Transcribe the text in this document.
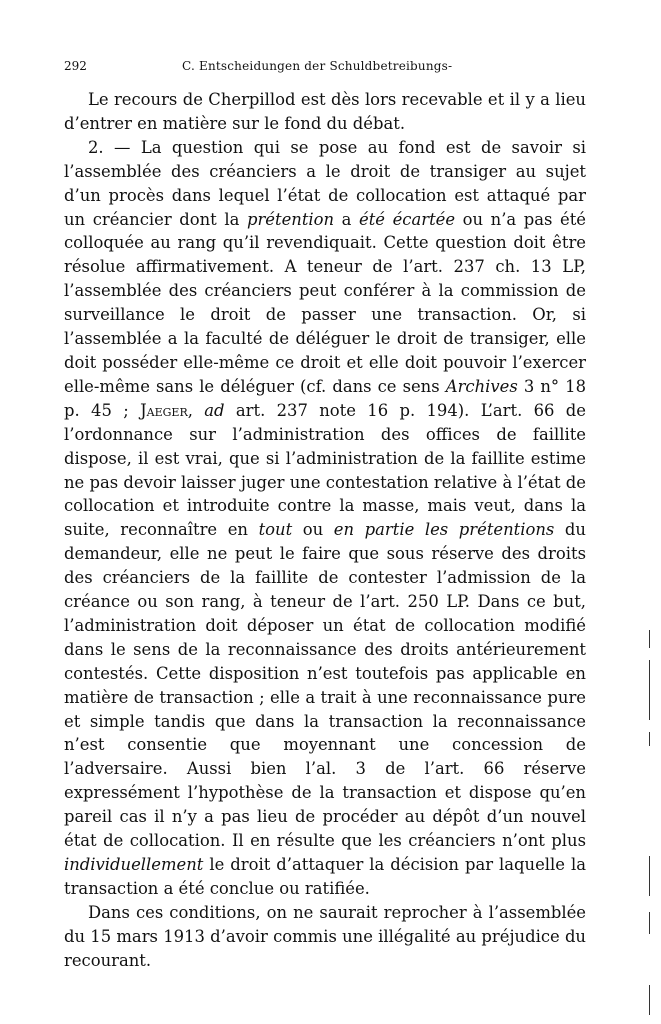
292	C. Entscheidungen der Schuldbetreibungs-

Le recours de Cherpillod est dès lors recevable et il y a lieu d’entrer en matière sur le fond du débat.

2. — La question qui se pose au fond est de savoir si l’assemblée des créanciers a le droit de transiger au sujet d’un procès dans lequel l’état de collocation est attaqué par un créancier dont la prétention a été écartée ou n’a pas été colloquée au rang qu’il revendiquait. Cette question doit être résolue affirmativement. A teneur de l’art. 237 ch. 13 LP, l’assemblée des créanciers peut conférer à la commission de surveillance le droit de passer une transaction. Or, si l’assemblée a la faculté de déléguer le droit de transiger, elle doit posséder elle-même ce droit et elle doit pouvoir l’exercer elle-même sans le déléguer (cf. dans ce sens Archives 3 n° 18 p. 45 ; Jaeger, ad art. 237 note 16 p. 194). L’art. 66 de l’ordonnance sur l’administration des offices de faillite dispose, il est vrai, que si l’administration de la faillite estime ne pas devoir laisser juger une contestation relative à l’état de collocation et introduite contre la masse, mais veut, dans la suite, reconnaître en tout ou en partie les prétentions du demandeur, elle ne peut le faire que sous réserve des droits des créanciers de la faillite de contester l’admission de la créance ou son rang, à teneur de l’art. 250 LP. Dans ce but, l’administration doit déposer un état de collocation modifié dans le sens de la reconnaissance des droits antérieurement contestés. Cette disposition n’est toutefois pas applicable en matière de transaction ; elle a trait à une reconnaissance pure et simple tandis que dans la transaction la reconnaissance n’est consentie que moyennant une concession de l’adversaire. Aussi bien l’al. 3 de l’art. 66 réserve expressément l’hypothèse de la transaction et dispose qu’en pareil cas il n’y a pas lieu de procéder au dépôt d’un nouvel état de collocation. Il en résulte que les créanciers n’ont plus individuellement le droit d’attaquer la décision par laquelle la transaction a été conclue ou ratifiée.

Dans ces conditions, on ne saurait reprocher à l’assemblée du 15 mars 1913 d’avoir commis une illégalité au préjudice du recourant.
